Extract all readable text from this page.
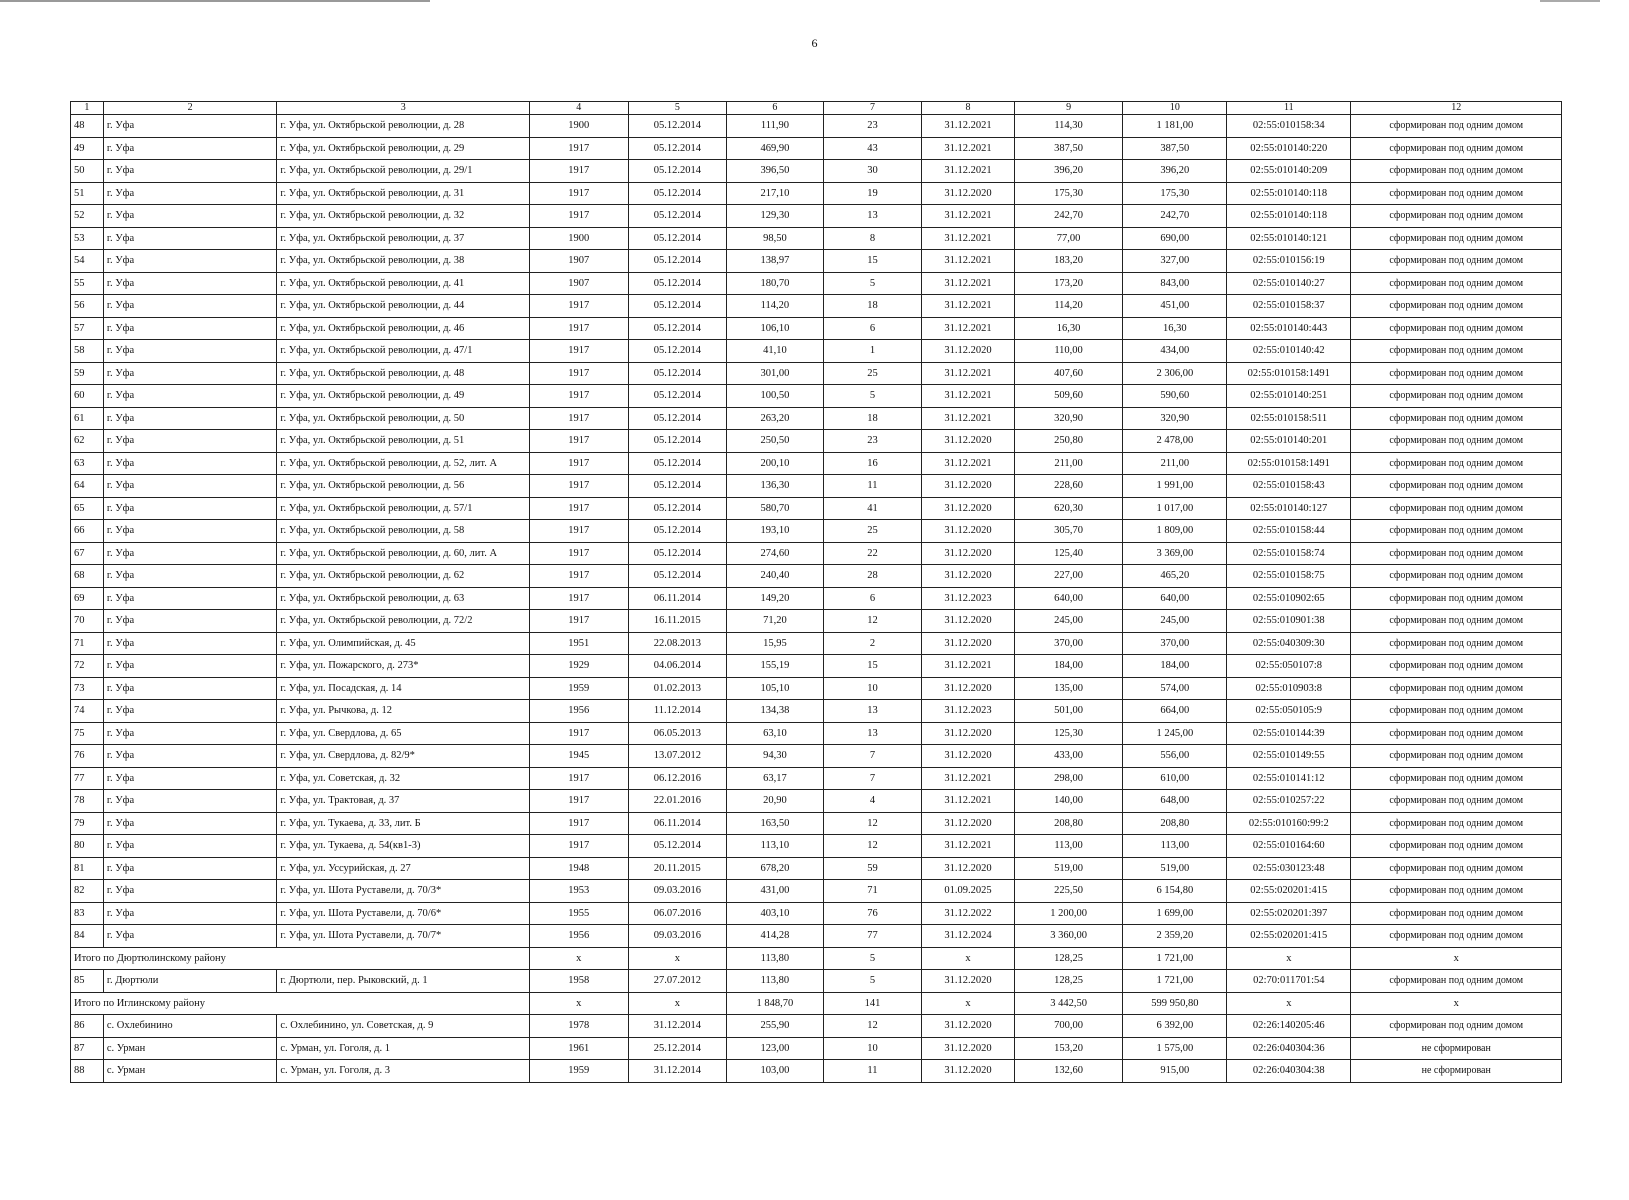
6
1	2	3	4	5	6	7	8	9	10	11	12
48	г. Уфа	г. Уфа, ул. Октябрьской революции, д. 28	1900	05.12.2014	111,90	23	31.12.2021	114,30	1 181,00	02:55:010158:34	сформирован под одним домом
49	г. Уфа	г. Уфа, ул. Октябрьской революции, д. 29	1917	05.12.2014	469,90	43	31.12.2021	387,50	387,50	02:55:010140:220	сформирован под одним домом
50	г. Уфа	г. Уфа, ул. Октябрьской революции, д. 29/1	1917	05.12.2014	396,50	30	31.12.2021	396,20	396,20	02:55:010140:209	сформирован под одним домом
51	г. Уфа	г. Уфа, ул. Октябрьской революции, д. 31	1917	05.12.2014	217,10	19	31.12.2020	175,30	175,30	02:55:010140:118	сформирован под одним домом
52	г. Уфа	г. Уфа, ул. Октябрьской революции, д. 32	1917	05.12.2014	129,30	13	31.12.2021	242,70	242,70	02:55:010140:118	сформирован под одним домом
53	г. Уфа	г. Уфа, ул. Октябрьской революции, д. 37	1900	05.12.2014	98,50	8	31.12.2021	77,00	690,00	02:55:010140:121	сформирован под одним домом
54	г. Уфа	г. Уфа, ул. Октябрьской революции, д. 38	1907	05.12.2014	138,97	15	31.12.2021	183,20	327,00	02:55:010156:19	сформирован под одним домом
55	г. Уфа	г. Уфа, ул. Октябрьской революции, д. 41	1907	05.12.2014	180,70	5	31.12.2021	173,20	843,00	02:55:010140:27	сформирован под одним домом
56	г. Уфа	г. Уфа, ул. Октябрьской революции, д. 44	1917	05.12.2014	114,20	18	31.12.2021	114,20	451,00	02:55:010158:37	сформирован под одним домом
57	г. Уфа	г. Уфа, ул. Октябрьской революции, д. 46	1917	05.12.2014	106,10	6	31.12.2021	16,30	16,30	02:55:010140:443	сформирован под одним домом
58	г. Уфа	г. Уфа, ул. Октябрьской революции, д. 47/1	1917	05.12.2014	41,10	1	31.12.2020	110,00	434,00	02:55:010140:42	сформирован под одним домом
59	г. Уфа	г. Уфа, ул. Октябрьской революции, д. 48	1917	05.12.2014	301,00	25	31.12.2021	407,60	2 306,00	02:55:010158:1491	сформирован под одним домом
60	г. Уфа	г. Уфа, ул. Октябрьской революции, д. 49	1917	05.12.2014	100,50	5	31.12.2021	509,60	590,60	02:55:010140:251	сформирован под одним домом
61	г. Уфа	г. Уфа, ул. Октябрьской революции, д. 50	1917	05.12.2014	263,20	18	31.12.2021	320,90	320,90	02:55:010158:511	сформирован под одним домом
62	г. Уфа	г. Уфа, ул. Октябрьской революции, д. 51	1917	05.12.2014	250,50	23	31.12.2020	250,80	2 478,00	02:55:010140:201	сформирован под одним домом
63	г. Уфа	г. Уфа, ул. Октябрьской революции, д. 52, лит. А	1917	05.12.2014	200,10	16	31.12.2021	211,00	211,00	02:55:010158:1491	сформирован под одним домом
64	г. Уфа	г. Уфа, ул. Октябрьской революции, д. 56	1917	05.12.2014	136,30	11	31.12.2020	228,60	1 991,00	02:55:010158:43	сформирован под одним домом
65	г. Уфа	г. Уфа, ул. Октябрьской революции, д. 57/1	1917	05.12.2014	580,70	41	31.12.2020	620,30	1 017,00	02:55:010140:127	сформирован под одним домом
66	г. Уфа	г. Уфа, ул. Октябрьской революции, д. 58	1917	05.12.2014	193,10	25	31.12.2020	305,70	1 809,00	02:55:010158:44	сформирован под одним домом
67	г. Уфа	г. Уфа, ул. Октябрьской революции, д. 60, лит. А	1917	05.12.2014	274,60	22	31.12.2020	125,40	3 369,00	02:55:010158:74	сформирован под одним домом
68	г. Уфа	г. Уфа, ул. Октябрьской революции, д. 62	1917	05.12.2014	240,40	28	31.12.2020	227,00	465,20	02:55:010158:75	сформирован под одним домом
69	г. Уфа	г. Уфа, ул. Октябрьской революции, д. 63	1917	06.11.2014	149,20	6	31.12.2023	640,00	640,00	02:55:010902:65	сформирован под одним домом
70	г. Уфа	г. Уфа, ул. Октябрьской революции, д. 72/2	1917	16.11.2015	71,20	12	31.12.2020	245,00	245,00	02:55:010901:38	сформирован под одним домом
71	г. Уфа	г. Уфа, ул. Олимпийская, д. 45	1951	22.08.2013	15,95	2	31.12.2020	370,00	370,00	02:55:040309:30	сформирован под одним домом
72	г. Уфа	г. Уфа, ул. Пожарского, д. 273*	1929	04.06.2014	155,19	15	31.12.2021	184,00	184,00	02:55:050107:8	сформирован под одним домом
73	г. Уфа	г. Уфа, ул. Посадская, д. 14	1959	01.02.2013	105,10	10	31.12.2020	135,00	574,00	02:55:010903:8	сформирован под одним домом
74	г. Уфа	г. Уфа, ул. Рычкова, д. 12	1956	11.12.2014	134,38	13	31.12.2023	501,00	664,00	02:55:050105:9	сформирован под одним домом
75	г. Уфа	г. Уфа, ул. Свердлова, д. 65	1917	06.05.2013	63,10	13	31.12.2020	125,30	1 245,00	02:55:010144:39	сформирован под одним домом
76	г. Уфа	г. Уфа, ул. Свердлова, д. 82/9*	1945	13.07.2012	94,30	7	31.12.2020	433,00	556,00	02:55:010149:55	сформирован под одним домом
77	г. Уфа	г. Уфа, ул. Советская, д. 32	1917	06.12.2016	63,17	7	31.12.2021	298,00	610,00	02:55:010141:12	сформирован под одним домом
78	г. Уфа	г. Уфа, ул. Трактовая, д. 37	1917	22.01.2016	20,90	4	31.12.2021	140,00	648,00	02:55:010257:22	сформирован под одним домом
79	г. Уфа	г. Уфа, ул. Тукаева, д. 33, лит. Б	1917	06.11.2014	163,50	12	31.12.2020	208,80	208,80	02:55:010160:99:2	сформирован под одним домом
80	г. Уфа	г. Уфа, ул. Тукаева, д. 54(кв1-3)	1917	05.12.2014	113,10	12	31.12.2021	113,00	113,00	02:55:010164:60	сформирован под одним домом
81	г. Уфа	г. Уфа, ул. Уссурийская, д. 27	1948	20.11.2015	678,20	59	31.12.2020	519,00	519,00	02:55:030123:48	сформирован под одним домом
82	г. Уфа	г. Уфа, ул. Шота Руставели, д. 70/3*	1953	09.03.2016	431,00	71	01.09.2025	225,50	6 154,80	02:55:020201:415	сформирован под одним домом
83	г. Уфа	г. Уфа, ул. Шота Руставели, д. 70/6*	1955	06.07.2016	403,10	76	31.12.2022	1 200,00	1 699,00	02:55:020201:397	сформирован под одним домом
84	г. Уфа	г. Уфа, ул. Шота Руставели, д. 70/7*	1956	09.03.2016	414,28	77	31.12.2024	3 360,00	2 359,20	02:55:020201:415	сформирован под одним домом
Итого по Дюртюлинскому району			x	x	113,80	5	x	128,25	1 721,00	x	x
85	г. Дюртюли	г. Дюртюли, пер. Рыковский, д. 1	1958	27.07.2012	113,80	5	31.12.2020	128,25	1 721,00	02:70:011701:54	сформирован под одним домом
Итого по Иглинскому району			x	x	1 848,70	141	x	3 442,50	599 950,80	x	x
86	с. Охлебинино	с. Охлебинино, ул. Советская, д. 9	1978	31.12.2014	255,90	12	31.12.2020	700,00	6 392,00	02:26:140205:46	сформирован под одним домом
87	с. Урман	с. Урман, ул. Гоголя, д. 1	1961	25.12.2014	123,00	10	31.12.2020	153,20	1 575,00	02:26:040304:36	не сформирован
88	с. Урман	с. Урман, ул. Гоголя, д. 3	1959	31.12.2014	103,00	11	31.12.2020	132,60	915,00	02:26:040304:38	не сформирован
